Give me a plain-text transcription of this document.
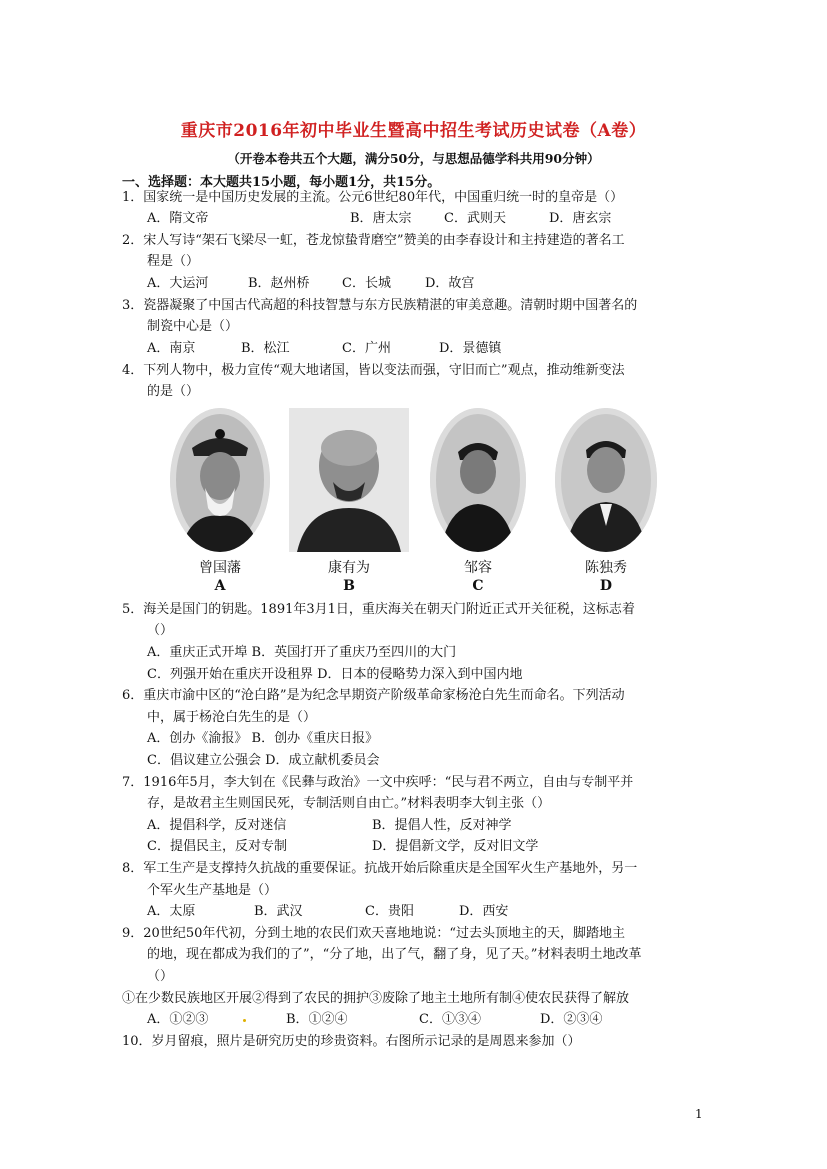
重庆市2016年初中毕业生暨高中招生考试历史试卷（A卷）
（开卷本卷共五个大题，满分50分，与思想品德学科共用90分钟）
一、选择题：本大题共15小题，每小题1分，共15分。
1．国家统一是中国历史发展的主流。公元6世纪80年代，中国重归统一时的皇帝是（）
A．隋文帝	B．唐太宗 C．武则天	D．唐玄宗
2．宋人写诗“架石飞梁尽一虹，苍龙惊蛰背磨空”赞美的由李春设计和主持建造的著名工
程是（）
A．大运河	B．赵州桥 C．长城	D．故宫
3．瓷器凝聚了中国古代高超的科技智慧与东方民族精湛的审美意趣。清朝时期中国著名的
制瓷中心是（）
A．南京	B．松江	C．广州	D．景德镇
4．下列人物中，极力宣传“观大地诸国，皆以变法而强，守旧而亡”观点，推动维新变法
的是（）
曾国藩	康有为	邹容	陈独秀
A	B	C	D
5．海关是国门的钥匙。1891年3月1日，重庆海关在朝天门附近正式开关征税，这标志着
（）
A．重庆正式开埠 B．英国打开了重庆乃至四川的大门
C．列强开始在重庆开设租界 D．日本的侵略势力深入到中国内地
6．重庆市渝中区的“沧白路”是为纪念早期资产阶级革命家杨沧白先生而命名。下列活动
中，属于杨沧白先生的是（）
A．创办《渝报》 B．创办《重庆日报》
C．倡议建立公强会 D．成立献机委员会
7．1916年5月，李大钊在《民彝与政治》一文中疾呼：“民与君不两立，自由与专制平并
存，是故君主生则国民死，专制活则自由亡。”材料表明李大钊主张（）
A．提倡科学，反对迷信	B．提倡人性，反对神学
C．提倡民主，反对专制	D．提倡新文学，反对旧文学
8．军工生产是支撑持久抗战的重要保证。抗战开始后除重庆是全国军火生产基地外，另一
个军火生产基地是（）
A．太原	B．武汉	C．贵阳	D．西安
9．20世纪50年代初，分到土地的农民们欢天喜地地说：“过去头顶地主的天，脚踏地主
的地，现在都成为我们的了”，“分了地，出了气，翻了身，见了天。”材料表明土地改革
（）
①在少数民族地区开展②得到了农民的拥护③废除了地主土地所有制④使农民获得了解放
A．①②③	B．①②④	C．①③④	D．②③④
10．岁月留痕，照片是研究历史的珍贵资料。右图所示记录的是周恩来参加（）
1
